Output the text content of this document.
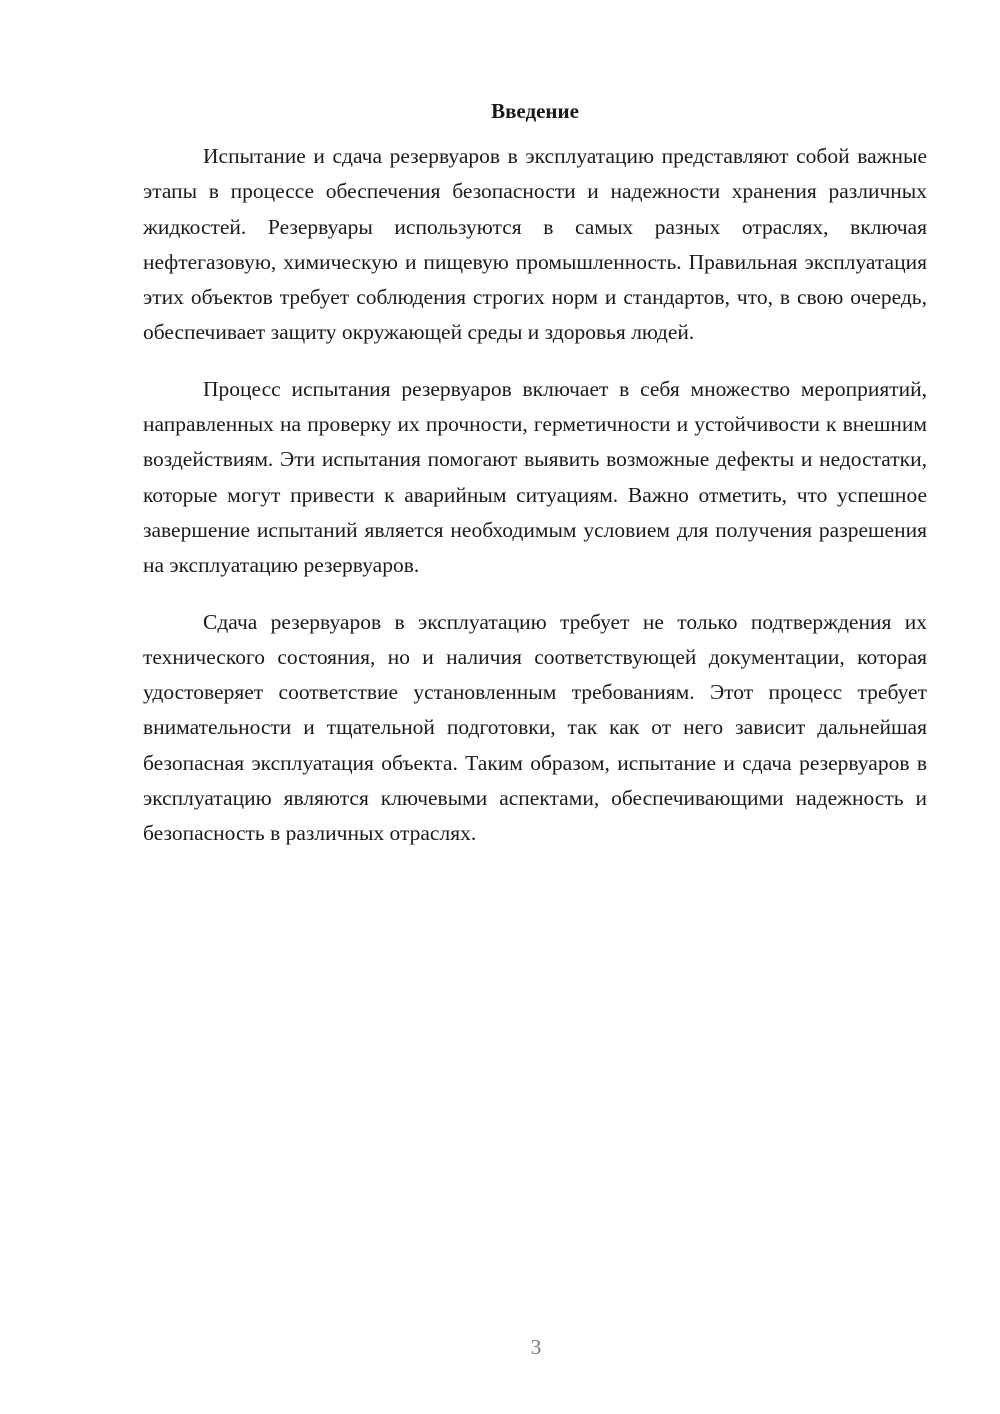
Введение

Испытание и сдача резервуаров в эксплуатацию представляют собой важные этапы в процессе обеспечения безопасности и надежности хранения различных жидкостей. Резервуары используются в самых разных отраслях, включая нефтегазовую, химическую и пищевую промышленность. Правильная эксплуатация этих объектов требует соблюдения строгих норм и стандартов, что, в свою очередь, обеспечивает защиту окружающей среды и здоровья людей.

Процесс испытания резервуаров включает в себя множество мероприятий, направленных на проверку их прочности, герметичности и устойчивости к внешним воздействиям. Эти испытания помогают выявить возможные дефекты и недостатки, которые могут привести к аварийным ситуациям. Важно отметить, что успешное завершение испытаний является необходимым условием для получения разрешения на эксплуатацию резервуаров.

Сдача резервуаров в эксплуатацию требует не только подтверждения их технического состояния, но и наличия соответствующей документации, которая удостоверяет соответствие установленным требованиям. Этот процесс требует внимательности и тщательной подготовки, так как от него зависит дальнейшая безопасная эксплуатация объекта. Таким образом, испытание и сдача резервуаров в эксплуатацию являются ключевыми аспектами, обеспечивающими надежность и безопасность в различных отраслях.

3
